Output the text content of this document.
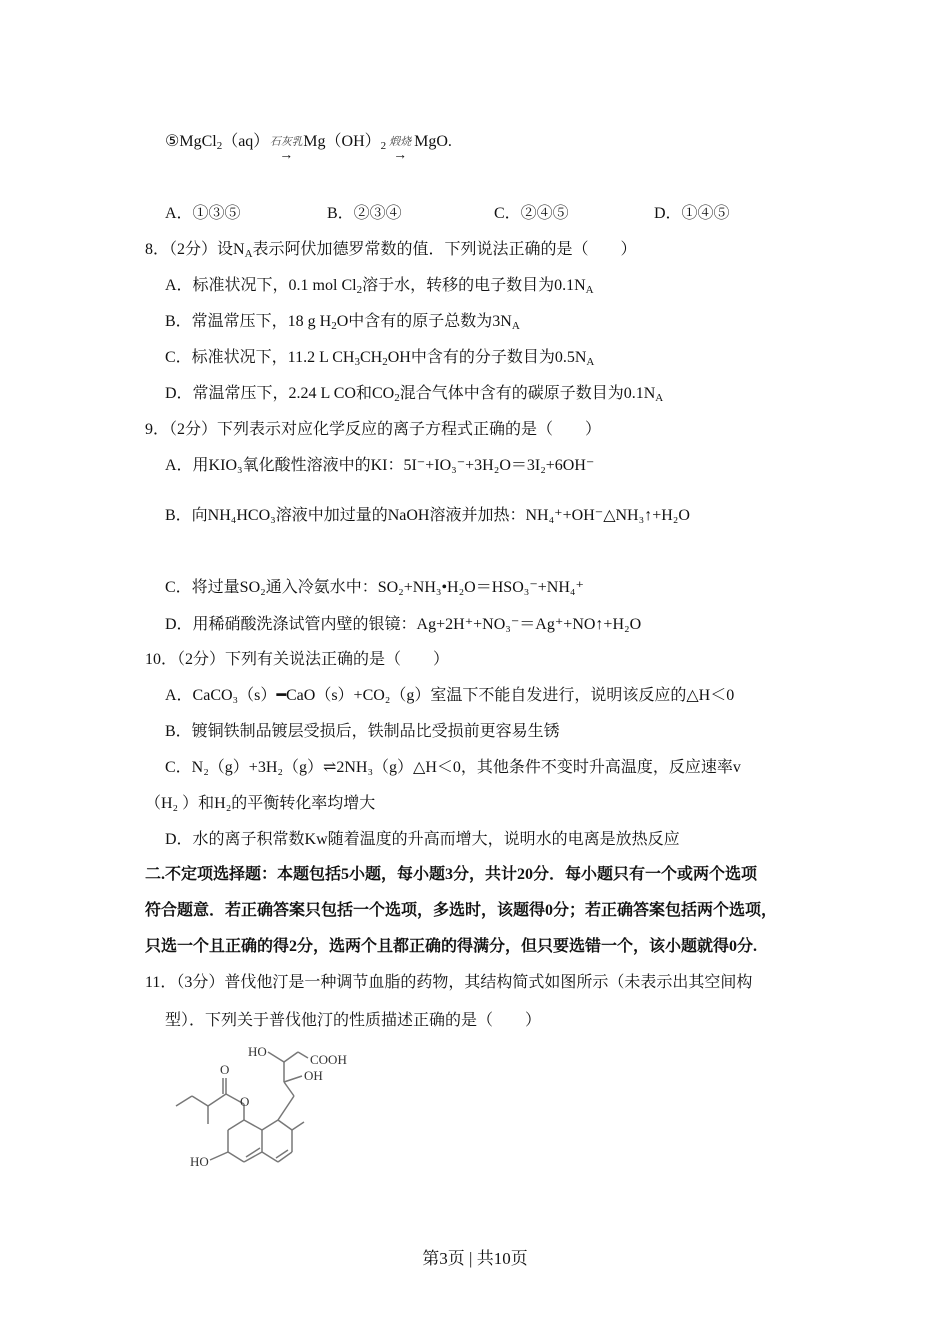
⑤MgCl$_2$（aq）石灰乳
→
$Mg(OH)_2$ 煅烧
→
MgO.
A．①③⑤	B．②③④	C．②④⑤	D．①④⑤
8．（2分）设$N_A$表示阿伏加德罗常数的值．下列说法正确的是（　　）
A．标准状况下，0.1 mol $Cl_2$溶于水，转移的电子数目为$0.1N_A$
B．常温常压下，18 g $H_2O$中含有的原子总数为$3N_A$
C．标准状况下，11.2 L $CH_3CH_2OH$中含有的分子数目为$0.5N_A$
D．常温常压下，2.24 L CO和$CO_2$混合气体中含有的碳原子数目为$0.1N_A$
9．（2分）下列表示对应化学反应的离子方程式正确的是（　　）
A．用KIO₃氧化酸性溶液中的KI：5I⁻+IO₃⁻+3H₂O＝3I₂+6OH⁻
B．向NH₄HCO₃溶液中加过量的NaOH溶液并加热：NH₄⁺+OH⁻△NH₃↑+H₂O
C．将过量SO₂通入冷氨水中：SO₂+NH₃•H₂O＝HSO₃⁻+NH₄⁺
D．用稀硝酸洗涤试管内壁的银镜：Ag+2H⁺+NO₃⁻＝Ag⁺+NO↑+H₂O
10．（2分）下列有关说法正确的是（　　）
A．CaCO₃（s）━CaO（s）+CO₂（g）室温下不能自发进行，说明该反应的△H＜0
B．镀铜铁制品镀层受损后，铁制品比受损前更容易生锈
C．N₂（g）+3H₂（g）⇌2NH₃（g）△H＜0，其他条件不变时升高温度，反应速率v
（H₂ ）和H₂的平衡转化率均增大
D．水的离子积常数Kw随着温度的升高而增大，说明水的电离是放热反应
二.不定项选择题：本题包括5小题，每小题3分，共计20分．每小题只有一个或两个选项
符合题意．若正确答案只包括一个选项，多选时，该题得0分；若正确答案包括两个选项，
只选一个且正确的得2分，选两个且都正确的得满分，但只要选错一个，该小题就得0分.
11．（3分）普伐他汀是一种调节血脂的药物，其结构简式如图所示（未表示出其空间构
型）．下列关于普伐他汀的性质描述正确的是（　　）
HO
COOH
OH
O
O
HO
第3页 | 共10页
